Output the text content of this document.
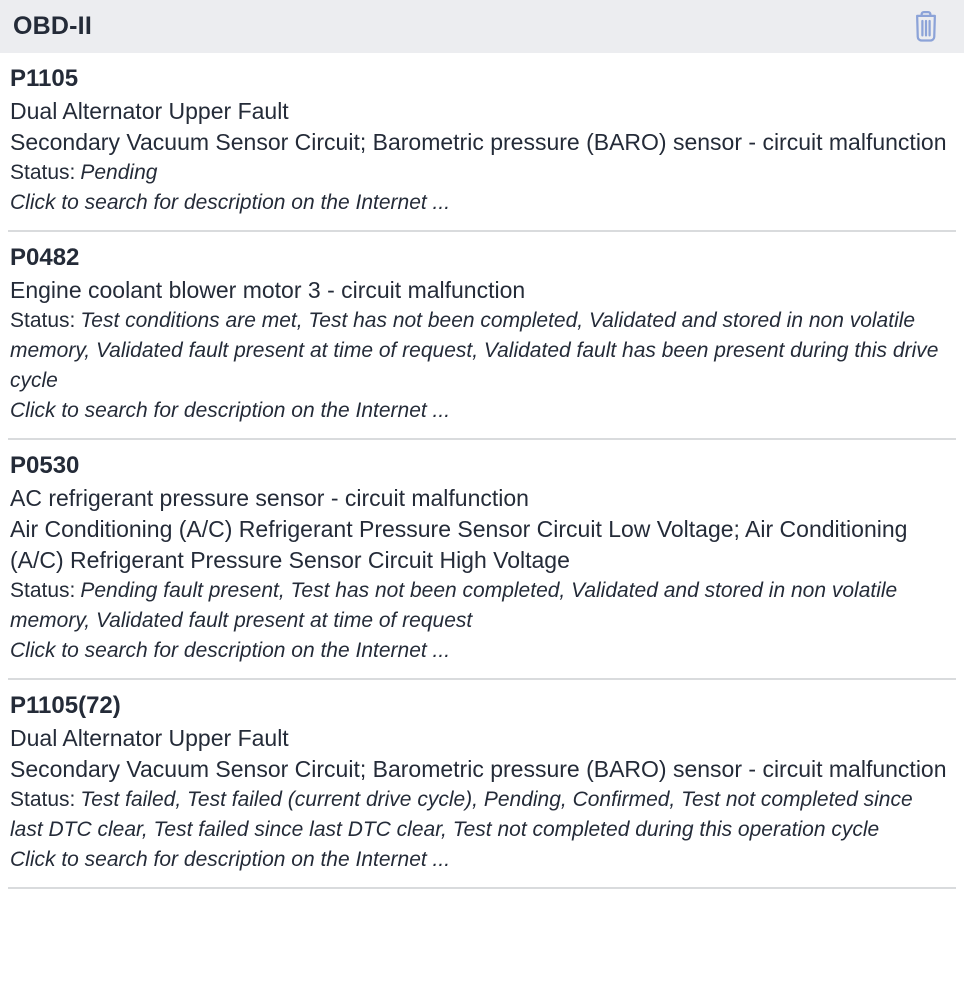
OBD-II
P1105
Dual Alternator Upper Fault
Secondary Vacuum Sensor Circuit; Barometric pressure (BARO) sensor - circuit malfunction
Status: Pending
Click to search for description on the Internet ...
P0482
Engine coolant blower motor 3 - circuit malfunction
Status: Test conditions are met, Test has not been completed, Validated and stored in non volatile memory, Validated fault present at time of request, Validated fault has been present during this drive cycle
Click to search for description on the Internet ...
P0530
AC refrigerant pressure sensor - circuit malfunction
Air Conditioning (A/C) Refrigerant Pressure Sensor Circuit Low Voltage; Air Conditioning (A/C) Refrigerant Pressure Sensor Circuit High Voltage
Status: Pending fault present, Test has not been completed, Validated and stored in non volatile memory, Validated fault present at time of request
Click to search for description on the Internet ...
P1105(72)
Dual Alternator Upper Fault
Secondary Vacuum Sensor Circuit; Barometric pressure (BARO) sensor - circuit malfunction
Status: Test failed, Test failed (current drive cycle), Pending, Confirmed, Test not completed since last DTC clear, Test failed since last DTC clear, Test not completed during this operation cycle
Click to search for description on the Internet ...
